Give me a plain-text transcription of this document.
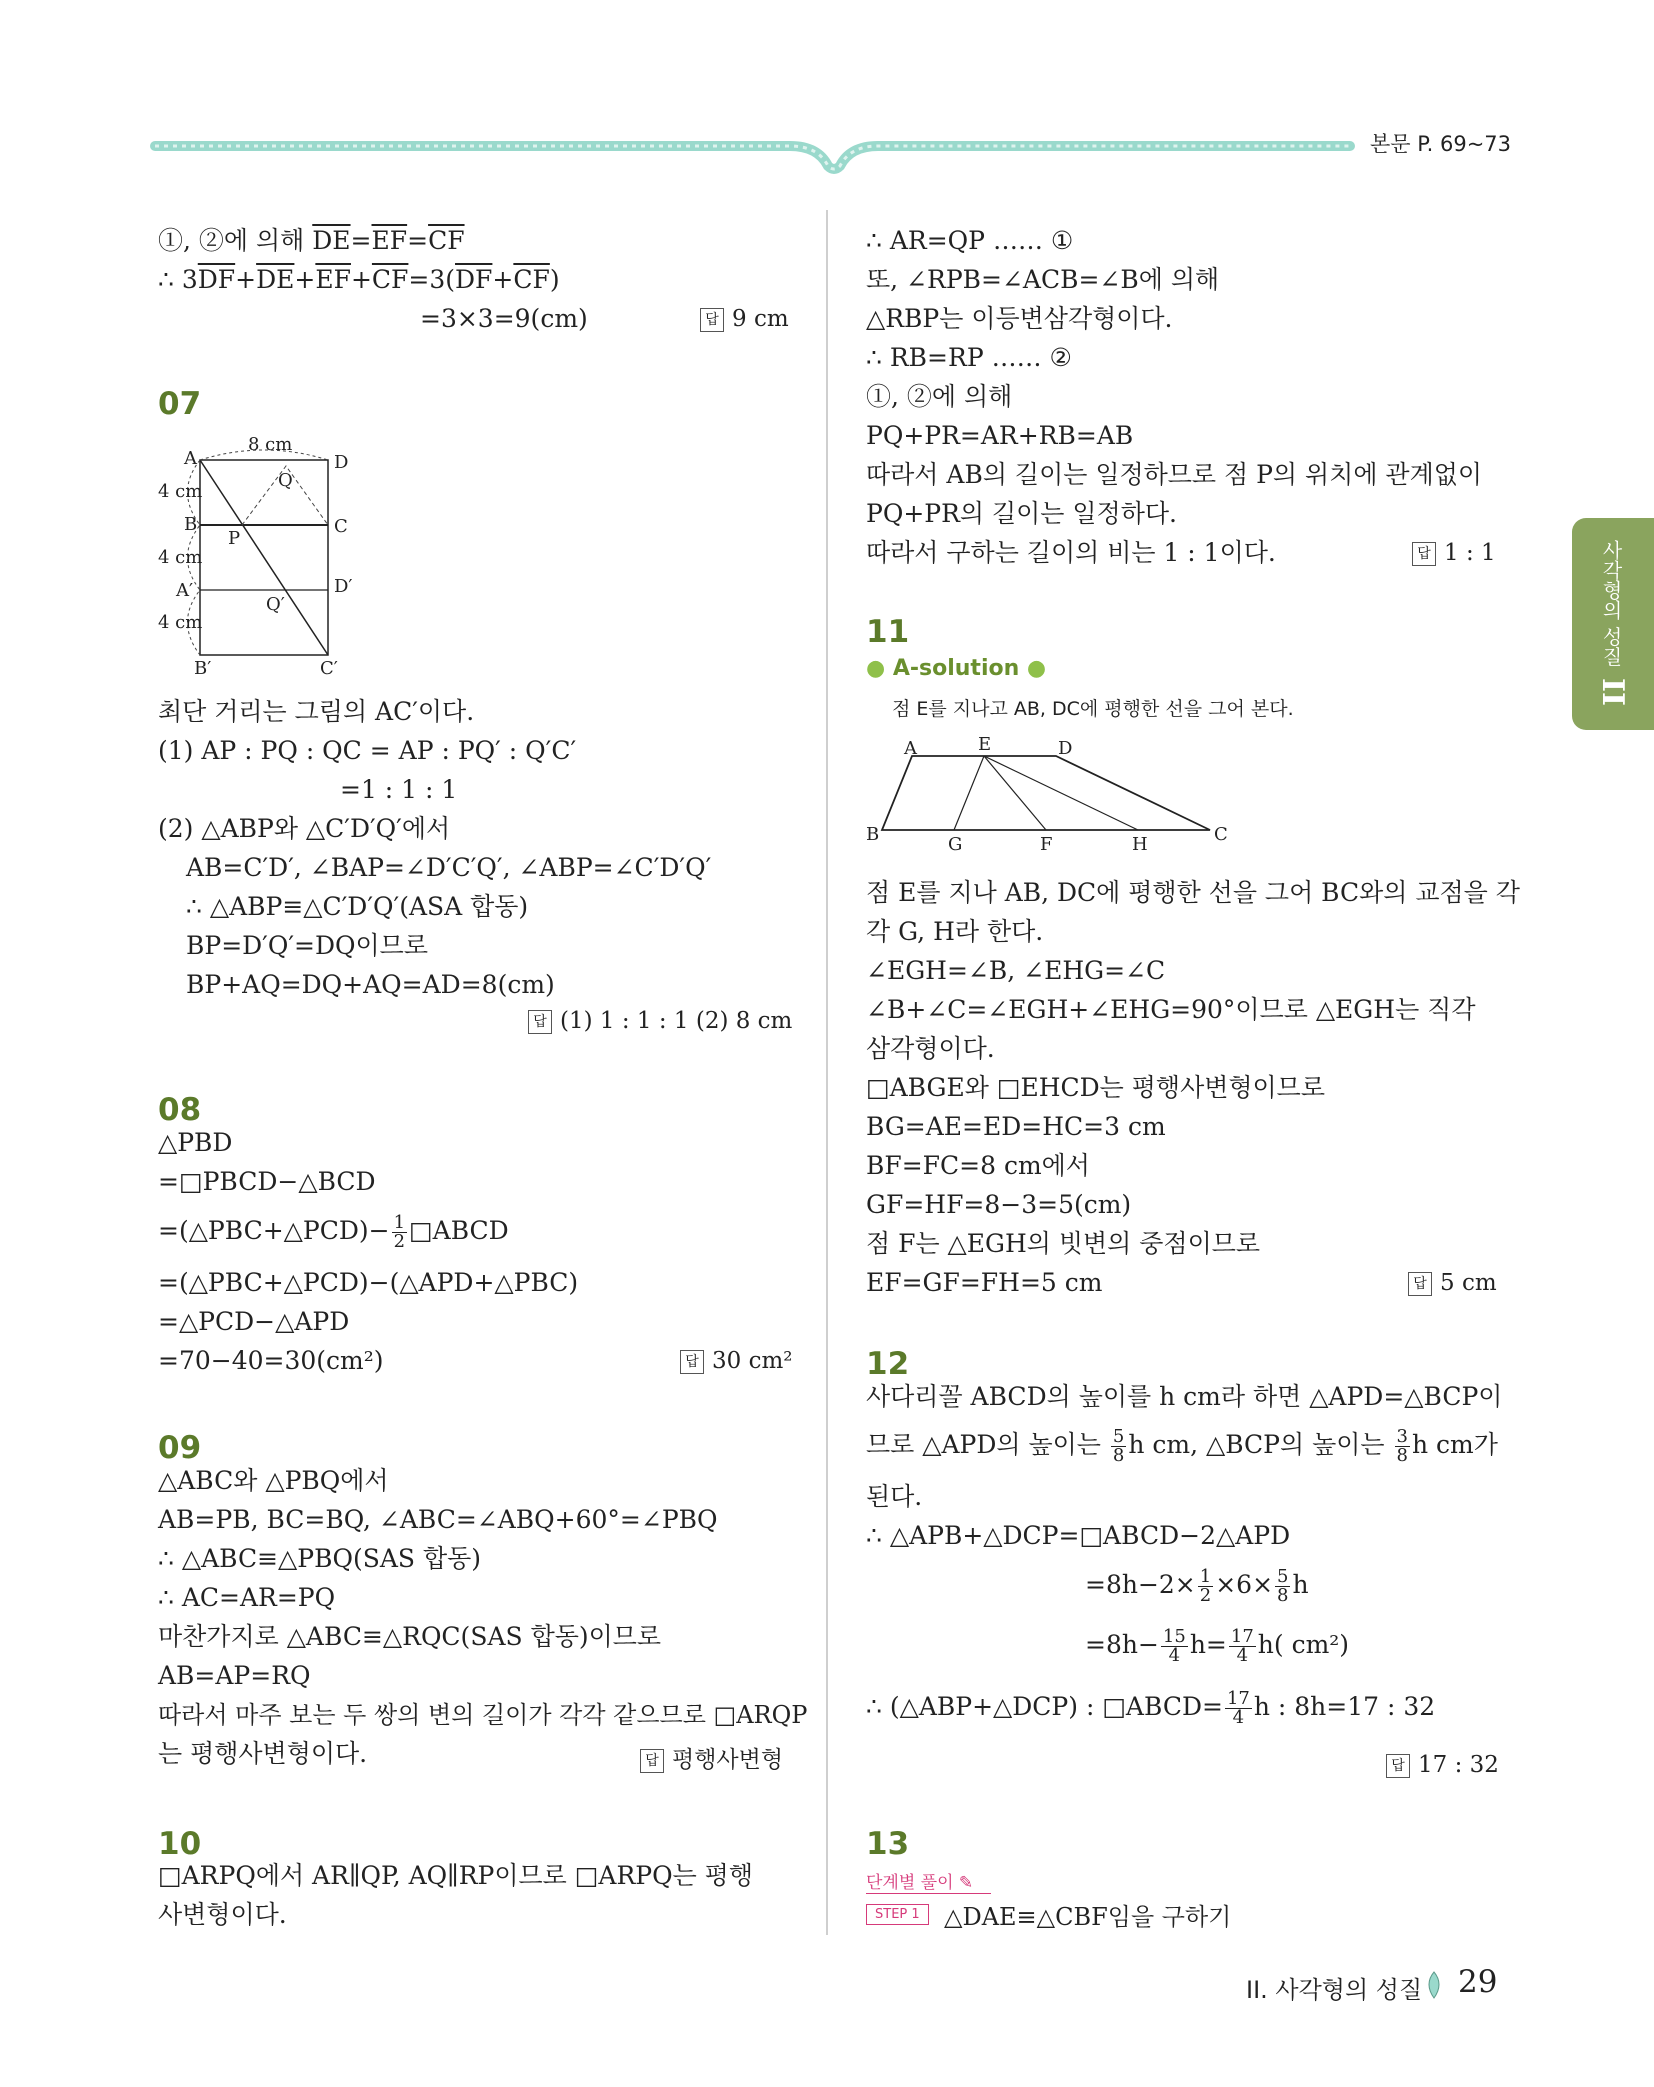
본문 P. 69~73
사각형의 성질
II
①, ②에 의해 $\overline{DE}=\overline{EF}=\overline{CF}$
∴ $3\overline{DF}+\overline{DE}+\overline{EF}+\overline{CF}=3(\overline{DF}+\overline{CF})$
=3×3=9(cm)	답 9 cm
07
8 cm
4 cm
4 cm
4 cm
A	D
B	C
P
Q
Q′
A′	D′
B′	C′
최단 거리는 그림의 AC′이다.
(1) AP : PQ : QC = AP : PQ′ : Q′C′
=1 : 1 : 1
(2) △ABP와 △C′D′Q′에서
AB=C′D′, ∠BAP=∠D′C′Q′, ∠ABP=∠C′D′Q′
∴ △ABP≡△C′D′Q′(ASA 합동)
BP=D′Q′=DQ이므로
BP+AQ=DQ+AQ=AD=8(cm)
답 (1) 1 : 1 : 1 (2) 8 cm
08
△PBD
=□PBCD−△BCD
=(△PBC+△PCD)− $\frac{1}{2}$ □ABCD
=(△PBC+△PCD)−(△APD+△PBC)
=△PCD−△APD
=70−40=30(cm²)	답 30 cm²
09
△ABC와 △PBQ에서
AB=PB, BC=BQ, ∠ABC=∠ABQ+60°=∠PBQ
∴ △ABC≡△PBQ(SAS 합동)
∴ AC=AR=PQ
마찬가지로 △ABC≡△RQC(SAS 합동)이므로
AB=AP=RQ
따라서 마주 보는 두 쌍의 변의 길이가 각각 같으므로 □ARQP
는 평행사변형이다.	답 평행사변형
10
□ARPQ에서 AR∥QP, AQ∥RP이므로 □ARPQ는 평행
사변형이다.
∴ AR=QP …… ①
또, ∠RPB=∠ACB=∠B에 의해
△RBP는 이등변삼각형이다.
∴ RB=RP …… ②
①, ②에 의해
PQ+PR=AR+RB=AB
따라서 AB의 길이는 일정하므로 점 P의 위치에 관계없이
PQ+PR의 길이는 일정하다.
따라서 구하는 길이의 비는 1 : 1이다.	답 1 : 1
11
● A-solution ●
점 E를 지나고 AB, DC에 평행한 선을 그어 본다.
A	E	D
B	G	F	H	C
점 E를 지나 AB, DC에 평행한 선을 그어 BC와의 교점을 각
각 G, H라 한다.
∠EGH=∠B, ∠EHG=∠C
∠B+∠C=∠EGH+∠EHG=90°이므로 △EGH는 직각
삼각형이다.
□ABGE와 □EHCD는 평행사변형이므로
BG=AE=ED=HC=3 cm
BF=FC=8 cm에서
GF=HF=8−3=5(cm)
점 F는 △EGH의 빗변의 중점이므로
EF=GF=FH=5 cm	답 5 cm
12
사다리꼴 ABCD의 높이를 h cm라 하면 △APD=△BCP이
므로 △APD의 높이는 $\frac{5}{8}$ h cm, △BCP의 높이는 $\frac{3}{8}$ h cm가
된다.
∴ △APB+△DCP=□ABCD−2△APD
$=8h-2\times \frac{1}{2} \times 6\times \frac{5}{8}$ h
$=8h- \frac{15}{4} h= \frac{17}{4} h$( cm²)
∴ (△ABP+△DCP) : □ABCD= $\frac{17}{4}$ h : 8h=17 : 32
답 17 : 32
13
단계별 풀이 ✎
STEP 1	△DAE≡△CBF임을 구하기
II. 사각형의 성질 29
